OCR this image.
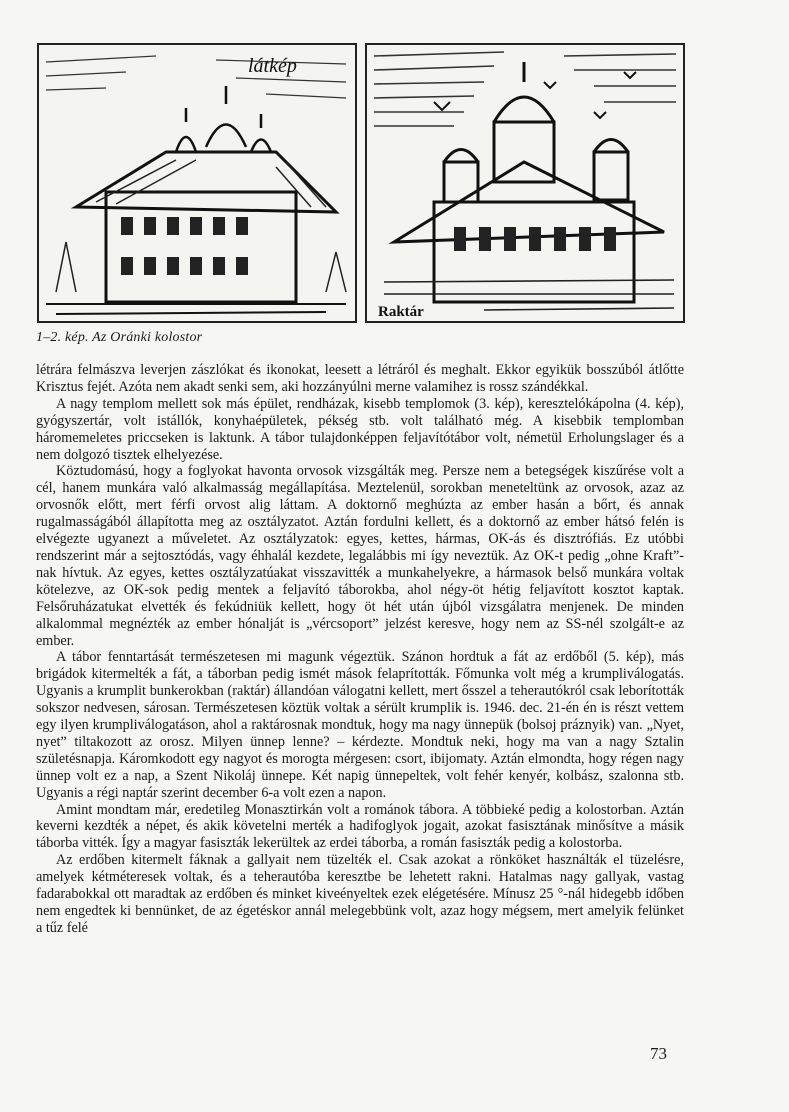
látkép
Raktár
1–2. kép. Az Oránki kolostor

létrára felmászva leverjen zászlókat és ikonokat, leesett a létráról és meghalt. Ekkor egyikük bosszúból átlőtte Krisztus fejét. Azóta nem akadt senki sem, aki hozzányúlni merne valamihez is rossz szándékkal.

A nagy templom mellett sok más épület, rendházak, kisebb templomok (3. kép), keresztelókápolna (4. kép), gyógyszertár, volt istállók, konyhaépületek, pékség stb. volt található még. A kisebbik templomban háromemeletes priccseken is laktunk. A tábor tulajdonképpen feljavítótábor volt, németül Erholungslager és a nem dolgozó tisztek elhelyezése.

Köztudomású, hogy a foglyokat havonta orvosok vizsgálták meg. Persze nem a betegségek kiszűrése volt a cél, hanem munkára való alkalmasság megállapítása. Meztelenül, sorokban meneteltünk az orvosok, azaz az orvosnők előtt, mert férfi orvost alig láttam. A doktornő meghúzta az ember hasán a bőrt, és annak rugalmasságából állapította meg az osztályzatot. Aztán fordulni kellett, és a doktornő az ember hátsó felén is elvégezte ugyanezt a műveletet. Az osztályzatok: egyes, kettes, hármas, OK-ás és disztrófiás. Ez utóbbi rendszerint már a sejtosztódás, vagy éhhalál kezdete, legalábbis mi így neveztük. Az OK-t pedig „ohne Kraft”-nak hívtuk. Az egyes, kettes osztályzatúakat visszavitték a munkahelyekre, a hármasok belső munkára voltak kötelezve, az OK-sok pedig mentek a feljavító táborokba, ahol négy-öt hétig feljavított kosztot kaptak. Felsőruházatukat elvették és fekúdniük kellett, hogy öt hét után újból vizsgálatra menjenek. De minden alkalommal megnézték az ember hónalját is „vércsoport” jelzést keresve, hogy nem az SS-nél szolgált-e az ember.

A tábor fenntartását természetesen mi magunk végeztük. Szánon hordtuk a fát az erdőből (5. kép), más brigádok kitermelték a fát, a táborban pedig ismét mások felaprították. Főmunka volt még a krumpliválogatás. Ugyanis a krumplit bunkerokban (raktár) állandóan válogatni kellett, mert ősszel a teherautókról csak leborították sokszor nedvesen, sárosan. Természetesen köztük voltak a sérült krumplik is. 1946. dec. 21-én én is részt vettem egy ilyen krumpliválogatáson, ahol a raktárosnak mondtuk, hogy ma nagy ünnepük (bolsoj práznyik) van. „Nyet, nyet” tiltakozott az orosz. Milyen ünnep lenne? – kérdezte. Mondtuk neki, hogy ma van a nagy Sztalin születésnapja. Káromkodott egy nagyot és morogta mérgesen: csort, ibijomaty. Aztán elmondta, hogy régen nagy ünnep volt ez a nap, a Szent Nikoláj ünnepe. Két napig ünnepeltek, volt fehér kenyér, kolbász, szalonna stb. Ugyanis a régi naptár szerint december 6-a volt ezen a napon.

Amint mondtam már, eredetileg Monasztirkán volt a románok tábora. A többieké pedig a kolostorban. Aztán keverni kezdték a népet, és akik követelni merték a hadifoglyok jogait, azokat fasisztának minősítve a másik táborba vitték. Így a magyar fasiszták lekerültek az erdei táborba, a román fasiszták pedig a kolostorba.

Az erdőben kitermelt fáknak a gallyait nem tüzelték el. Csak azokat a rönköket használták el tüzelésre, amelyek kétméteresek voltak, és a teherautóba keresztbe be lehetett rakni. Hatalmas nagy gallyak, vastag fadarabokkal ott maradtak az erdőben és minket kiveényeltek ezek elégetésére. Mínusz 25 °-nál hidegebb időben nem engedtek ki bennünket, de az égetéskor annál melegebbünk volt, azaz hogy mégsem, mert amelyik felünket a tűz felé

73
